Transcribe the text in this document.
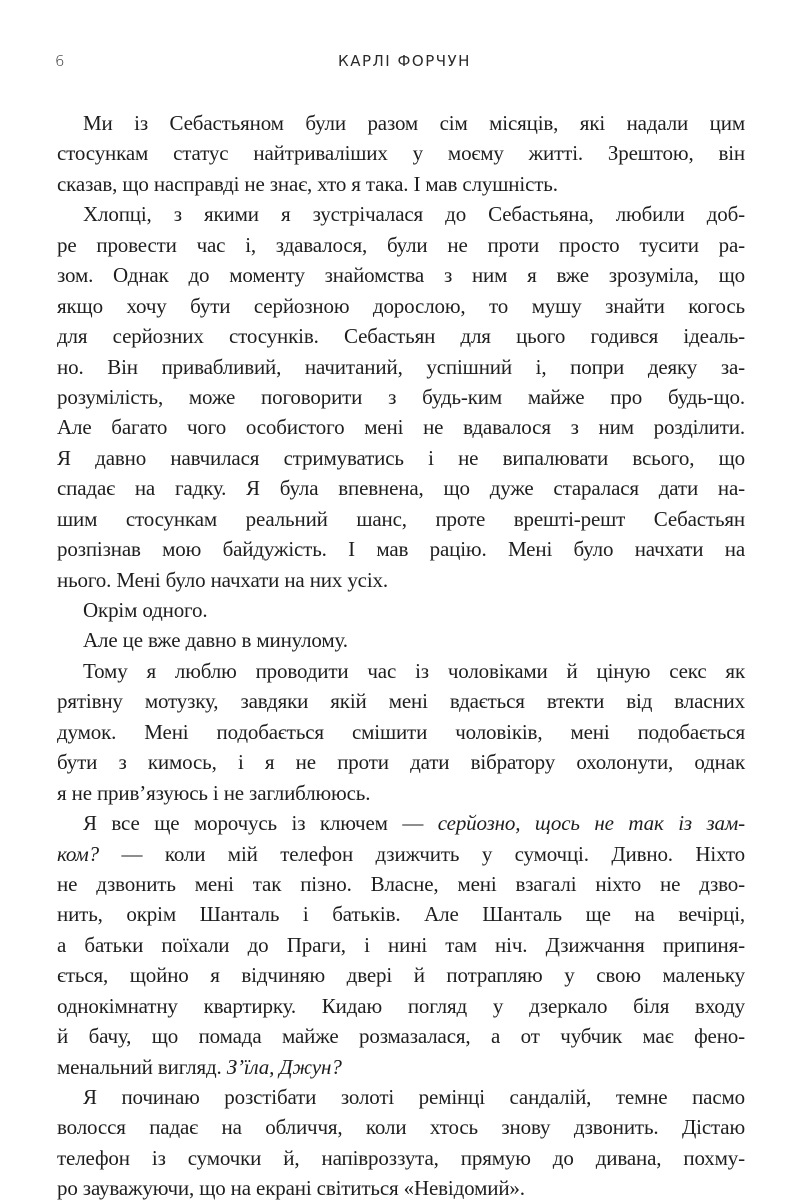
6	КАРЛІ ФОРЧУН
Ми із Себастьяном були разом сім місяців, які надали цим
стосункам статус найтриваліших у моєму житті. Зрештою, він
сказав, що насправді не знає, хто я така. І мав слушність.
Хлопці, з якими я зустрічалася до Себастьяна, любили доб-
ре провести час і, здавалося, були не проти просто тусити ра-
зом. Однак до моменту знайомства з ним я вже зрозуміла, що
якщо хочу бути серйозною дорослою, то мушу знайти когось
для серйозних стосунків. Себастьян для цього годився ідеаль-
но. Він привабливий, начитаний, успішний і, попри деяку за-
розумілість, може поговорити з будь-ким майже про будь-що.
Але багато чого особистого мені не вдавалося з ним розділити.
Я давно навчилася стримуватись і не випалювати всього, що
спадає на гадку. Я була впевнена, що дуже старалася дати на-
шим стосункам реальний шанс, проте врешті-решт Себастьян
розпізнав мою байдужість. І мав рацію. Мені було начхати на
нього. Мені було начхати на них усіх.
Окрім одного.
Але це вже давно в минулому.
Тому я люблю проводити час із чоловіками й ціную секс як
рятівну мотузку, завдяки якій мені вдається втекти від власних
думок. Мені подобається смішити чоловіків, мені подобається
бути з кимось, і я не проти дати вібратору охолонути, однак
я не прив’язуюсь і не заглиблююсь.
Я все ще морочусь із ключем — серйозно, щось не так із зам-
ком? — коли мій телефон дзижчить у сумочці. Дивно. Ніхто
не дзвонить мені так пізно. Власне, мені взагалі ніхто не дзво-
нить, окрім Шанталь і батьків. Але Шанталь ще на вечірці,
а батьки поїхали до Праги, і нині там ніч. Дзижчання припиня-
ється, щойно я відчиняю двері й потрапляю у свою маленьку
однокімнатну квартирку. Кидаю погляд у дзеркало біля входу
й бачу, що помада майже розмазалася, а от чубчик має фено-
менальний вигляд. З’їла, Джун?
Я починаю розстібати золоті ремінці сандалій, темне пасмо
волосся падає на обличчя, коли хтось знову дзвонить. Дістаю
телефон із сумочки й, напівроззута, прямую до дивана, похму-
ро зауважуючи, що на екрані світиться «Невідомий».
